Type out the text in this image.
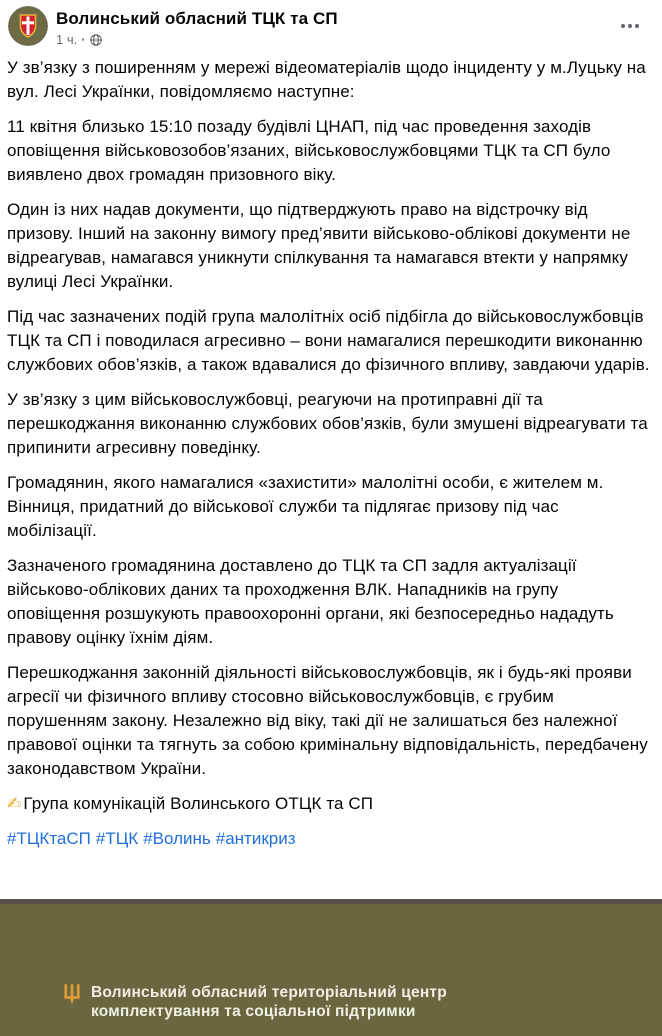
Волинський обласний ТЦК та СП
1 ч. ·

У зв’язку з поширенням у мережі відеоматеріалів щодо інциденту у м.Луцьку на вул. Лесі Українки, повідомляємо наступне:

11 квітня близько 15:10 позаду будівлі ЦНАП, під час проведення заходів оповіщення військовозобов’язаних, військовослужбовцями ТЦК та СП було виявлено двох громадян призовного віку.

Один із них надав документи, що підтверджують право на відстрочку від призову. Інший на законну вимогу пред’явити військово-облікові документи не відреагував, намагався уникнути спілкування та намагався втекти у напрямку вулиці Лесі Українки.

Під час зазначених подій група малолітніх осіб підбігла до військовослужбовців ТЦК та СП і поводилася агресивно – вони намагалися перешкодити виконанню службових обов’язків, а також вдавалися до фізичного впливу, завдаючи ударів.

У зв’язку з цим військовослужбовці, реагуючи на протиправні дії та перешкоджання виконанню службових обов’язків, були змушені відреагувати та припинити агресивну поведінку.

Громадянин, якого намагалися «захистити» малолітні особи, є жителем м. Вінниця, придатний до військової служби та підлягає призову під час мобілізації.

Зазначеного громадянина доставлено до ТЦК та СП задля актуалізації військово-облікових даних та проходження ВЛК. Нападників на групу оповіщення розшукують правоохоронні органи, які безпосередньо нададуть правову оцінку їхнім діям.

Перешкоджання законній діяльності військовослужбовців, як і будь-які прояви агресії чи фізичного впливу стосовно військовослужбовців, є грубим порушенням закону. Незалежно від віку, такі дії не залишаться без належної правової оцінки та тягнуть за собою кримінальну відповідальність, передбачену законодавством України.

✍ Група комунікацій Волинського ОТЦК та СП

#ТЦКтаСП #ТЦК #Волинь #антикриз
Волинський обласний територіальний центр
комплектування та соціальної підтримки
